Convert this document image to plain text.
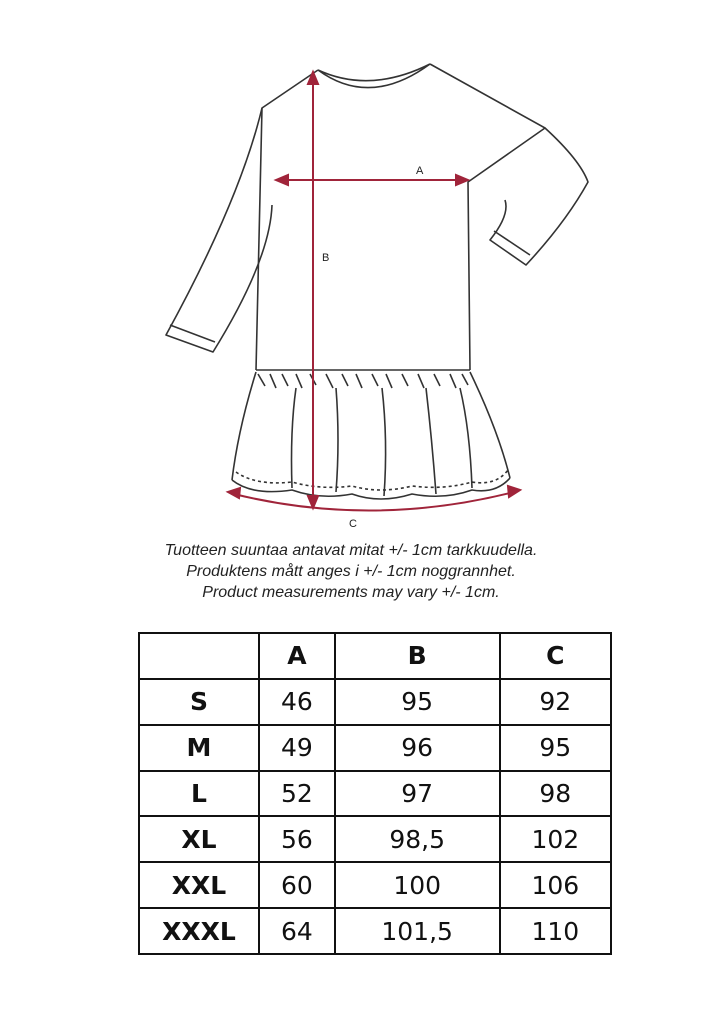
A
B
C
Tuotteen suuntaa antavat mitat +/- 1cm tarkkuudella.
Produktens mått anges i +/- 1cm noggrannhet.
Product measurements may vary +/- 1cm.
	A	B	C
S	46	95	92
M	49	96	95
L	52	97	98
XL	56	98,5	102
XXL	60	100	106
XXXL	64	101,5	110
